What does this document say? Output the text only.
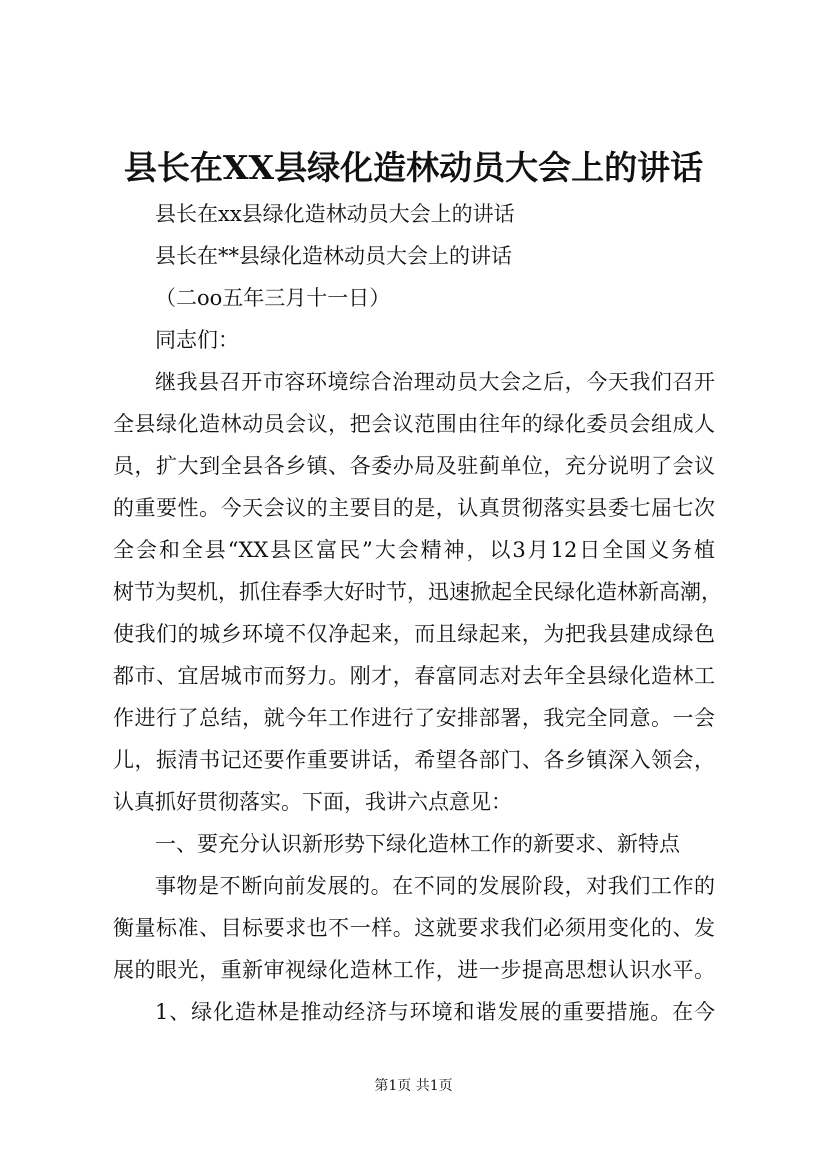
县长在XX县绿化造林动员大会上的讲话
县长在xx县绿化造林动员大会上的讲话
县长在**县绿化造林动员大会上的讲话
（二oo五年三月十一日）
同志们：
继我县召开市容环境综合治理动员大会之后，今天我们召开
全县绿化造林动员会议，把会议范围由往年的绿化委员会组成人
员，扩大到全县各乡镇、各委办局及驻蓟单位，充分说明了会议
的重要性。今天会议的主要目的是，认真贯彻落实县委七届七次
全会和全县“XX县区富民”大会精神，以3月12日全国义务植
树节为契机，抓住春季大好时节，迅速掀起全民绿化造林新高潮，
使我们的城乡环境不仅净起来，而且绿起来，为把我县建成绿色
都市、宜居城市而努力。刚才，春富同志对去年全县绿化造林工
作进行了总结，就今年工作进行了安排部署，我完全同意。一会
儿，振清书记还要作重要讲话，希望各部门、各乡镇深入领会，
认真抓好贯彻落实。下面，我讲六点意见：
一、要充分认识新形势下绿化造林工作的新要求、新特点
事物是不断向前发展的。在不同的发展阶段，对我们工作的
衡量标准、目标要求也不一样。这就要求我们必须用变化的、发
展的眼光，重新审视绿化造林工作，进一步提高思想认识水平。
1、绿化造林是推动经济与环境和谐发展的重要措施。在今
第1页 共1页
